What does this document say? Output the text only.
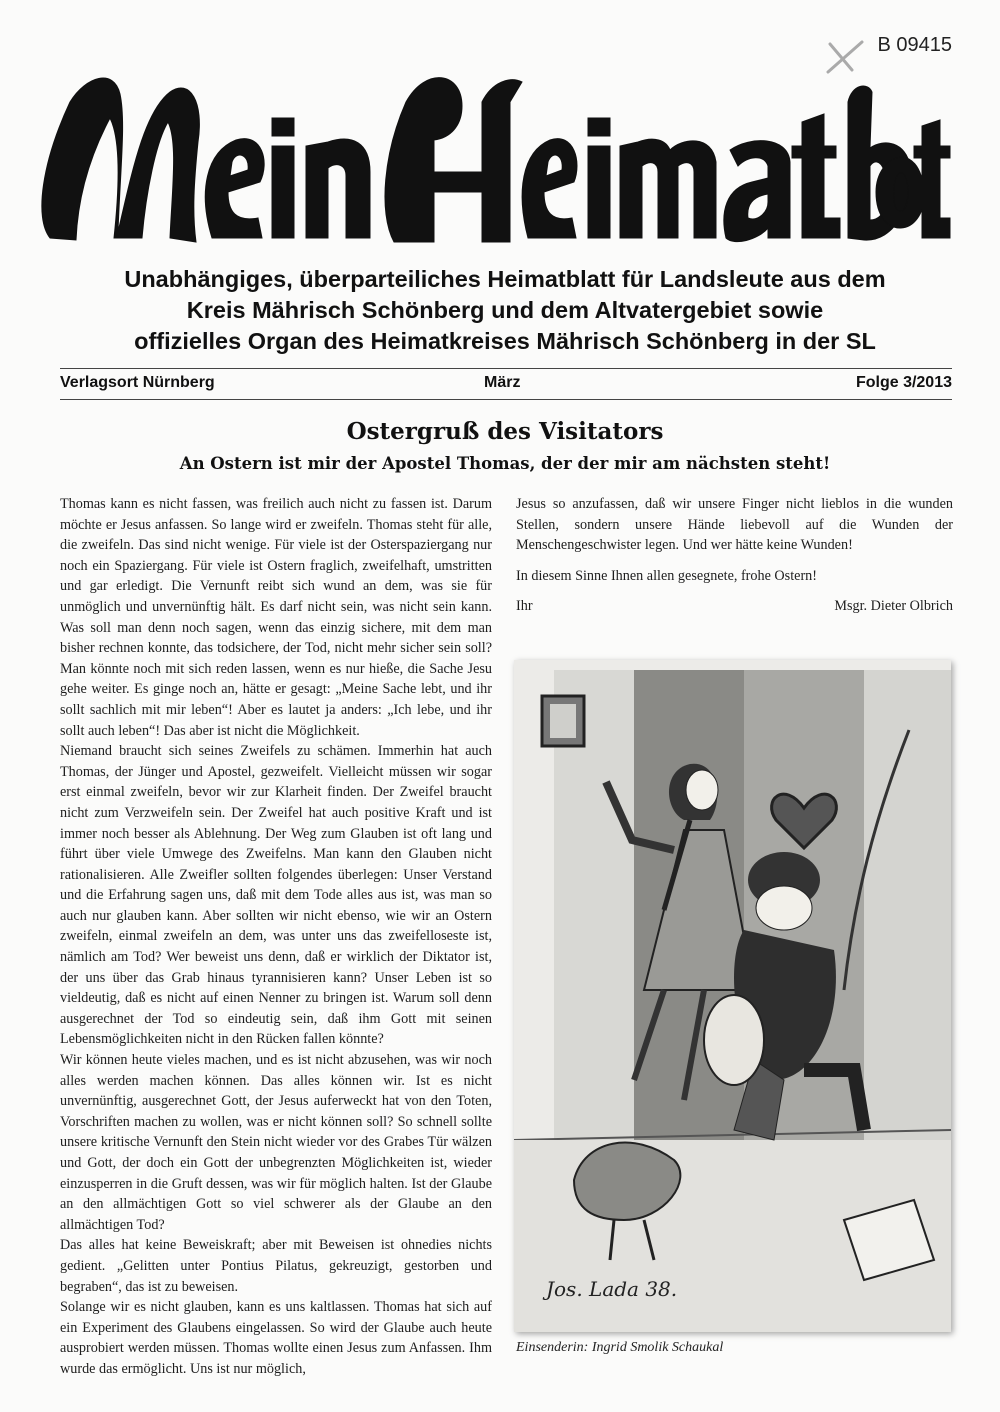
B 09415
Unabhängiges, überparteiliches Heimatblatt für Landsleute aus dem
Kreis Mährisch Schönberg und dem Altvatergebiet sowie
offizielles Organ des Heimatkreises Mährisch Schönberg in der SL
Verlagsort Nürnberg	März	Folge 3/2013
Ostergruß des Visitators
An Ostern ist mir der Apostel Thomas, der der mir am nächsten steht!

Thomas kann es nicht fassen, was freilich auch nicht zu fassen ist. Darum möchte er Jesus anfassen. So lange wird er zweifeln. Thomas steht für alle, die zweifeln. Das sind nicht wenige. Für viele ist der Osterspaziergang nur noch ein Spaziergang. Für viele ist Ostern fraglich, zweifelhaft, umstritten und gar erledigt. Die Vernunft reibt sich wund an dem, was sie für unmöglich und unvernünftig hält. Es darf nicht sein, was nicht sein kann. Was soll man denn noch sagen, wenn das einzig sichere, mit dem man bisher rechnen konnte, das todsichere, der Tod, nicht mehr sicher sein soll? Man könnte noch mit sich reden lassen, wenn es nur hieße, die Sache Jesu gehe weiter. Es ginge noch an, hätte er gesagt: „Meine Sache lebt, und ihr sollt sachlich mit mir leben“! Aber es lautet ja anders: „Ich lebe, und ihr sollt auch leben“! Das aber ist nicht die Möglichkeit.

Niemand braucht sich seines Zweifels zu schämen. Immerhin hat auch Thomas, der Jünger und Apostel, gezweifelt. Vielleicht müssen wir sogar erst einmal zweifeln, bevor wir zur Klarheit finden. Der Zweifel braucht nicht zum Verzweifeln sein. Der Zweifel hat auch positive Kraft und ist immer noch besser als Ablehnung. Der Weg zum Glauben ist oft lang und führt über viele Umwege des Zweifelns. Man kann den Glauben nicht rationalisieren. Alle Zweifler sollten folgendes überlegen: Unser Verstand und die Erfahrung sagen uns, daß mit dem Tode alles aus ist, was man so auch nur glauben kann. Aber sollten wir nicht ebenso, wie wir an Ostern zweifeln, einmal zweifeln an dem, was unter uns das zweifelloseste ist, nämlich am Tod? Wer beweist uns denn, daß er wirklich der Diktator ist, der uns über das Grab hinaus tyrannisieren kann? Unser Leben ist so vieldeutig, daß es nicht auf einen Nenner zu bringen ist. Warum soll denn ausgerechnet der Tod so eindeutig sein, daß ihm Gott mit seinen Lebensmöglichkeiten nicht in den Rücken fallen könnte?

Wir können heute vieles machen, und es ist nicht abzusehen, was wir noch alles werden machen können. Das alles können wir. Ist es nicht unvernünftig, ausgerechnet Gott, der Jesus auferweckt hat von den Toten, Vorschriften machen zu wollen, was er nicht können soll? So schnell sollte unsere kritische Vernunft den Stein nicht wieder vor des Grabes Tür wälzen und Gott, der doch ein Gott der unbegrenzten Möglichkeiten ist, wieder einzusperren in die Gruft dessen, was wir für möglich halten. Ist der Glaube an den allmächtigen Gott so viel schwerer als der Glaube an den allmächtigen Tod?

Das alles hat keine Beweiskraft; aber mit Beweisen ist ohnedies nichts gedient. „Gelitten unter Pontius Pilatus, gekreuzigt, gestorben und begraben“, das ist zu beweisen.

Solange wir es nicht glauben, kann es uns kaltlassen. Thomas hat sich auf ein Experiment des Glaubens eingelassen. So wird der Glaube auch heute ausprobiert werden müssen. Thomas wollte einen Jesus zum Anfassen. Ihm wurde das ermöglicht. Uns ist nur möglich,

Jesus so anzufassen, daß wir unsere Finger nicht lieblos in die wunden Stellen, sondern unsere Hände liebevoll auf die Wunden der Menschengeschwister legen. Und wer hätte keine Wunden!

In diesem Sinne Ihnen allen gesegnete, frohe Ostern!

Ihr	Msgr. Dieter Olbrich
Jos. Lada 38.
Einsenderin: Ingrid Smolik Schaukal
